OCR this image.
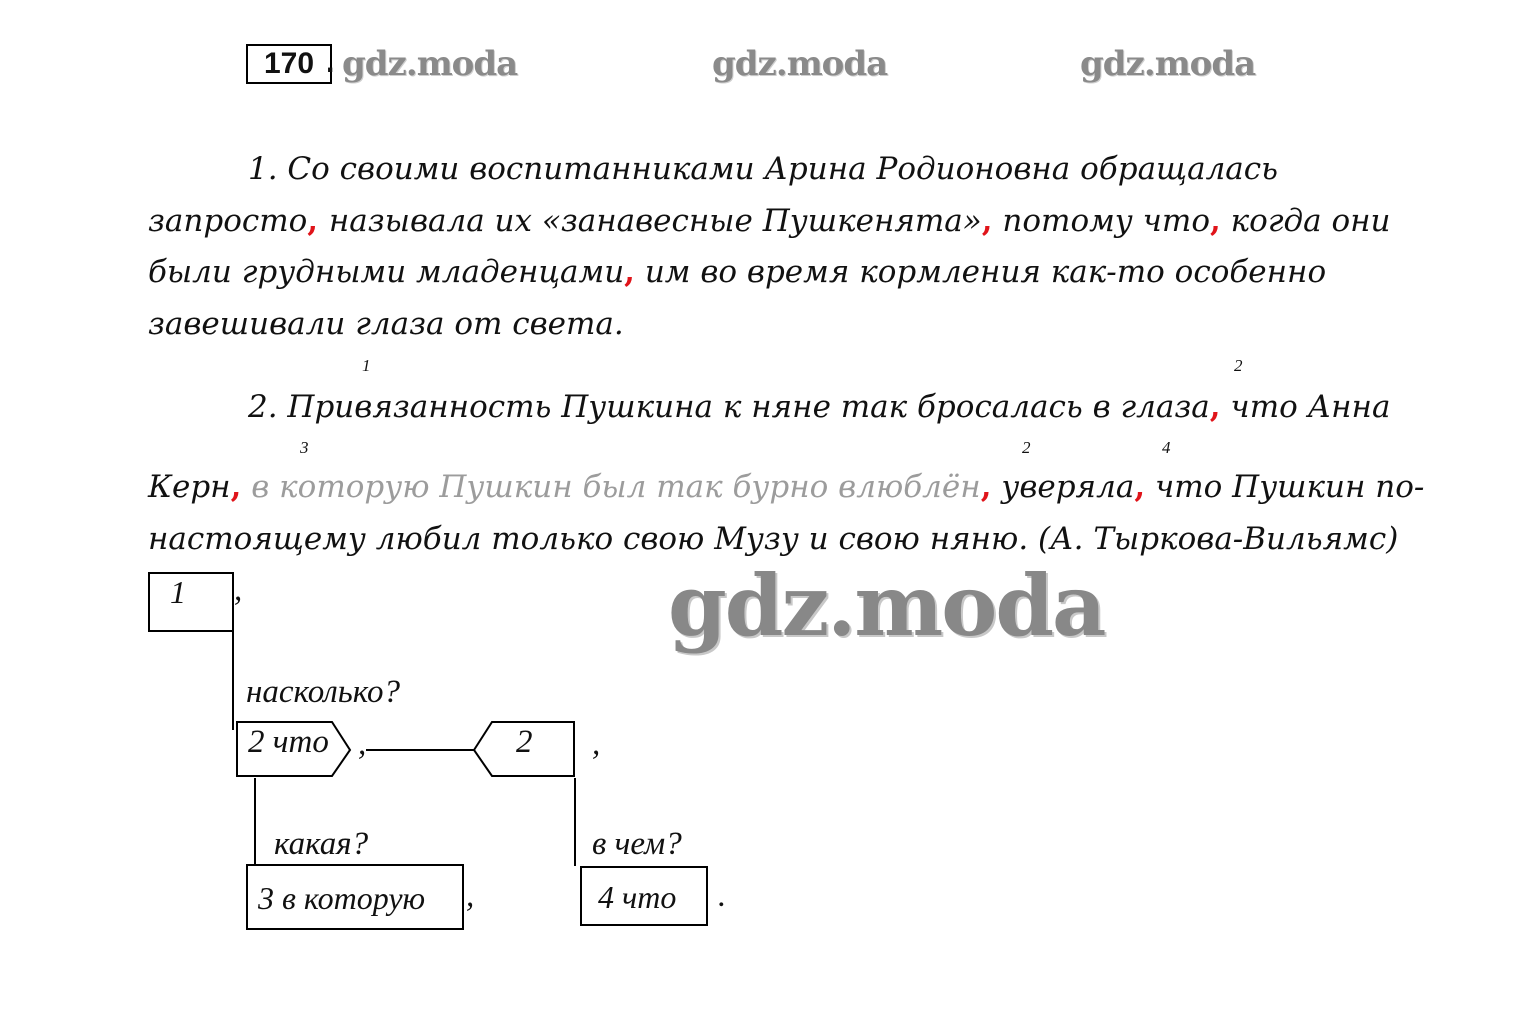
170 . gdz.moda	gdz.moda	gdz.moda
1. Со своими воспитанниками Арина Родионовна обращалась
запросто, называла их «занавесные Пушкенята», потому что, когда они
были грудными младенцами, им во время кормления как-то особенно
завешивали глаза от света.
1	2
3	2	4
2. Привязанность Пушкина к няне так бросалась в глаза, что Анна
Керн, в которую Пушкин был так бурно влюблён, уверяла, что Пушкин по-
настоящему любил только свою Музу и свою няню. (А. Тыркова-Вильямс)
gdz.moda
1	,
насколько?
2 что ,	2 ,
какая?	в чем?
3 в которую	,	4 что	.
